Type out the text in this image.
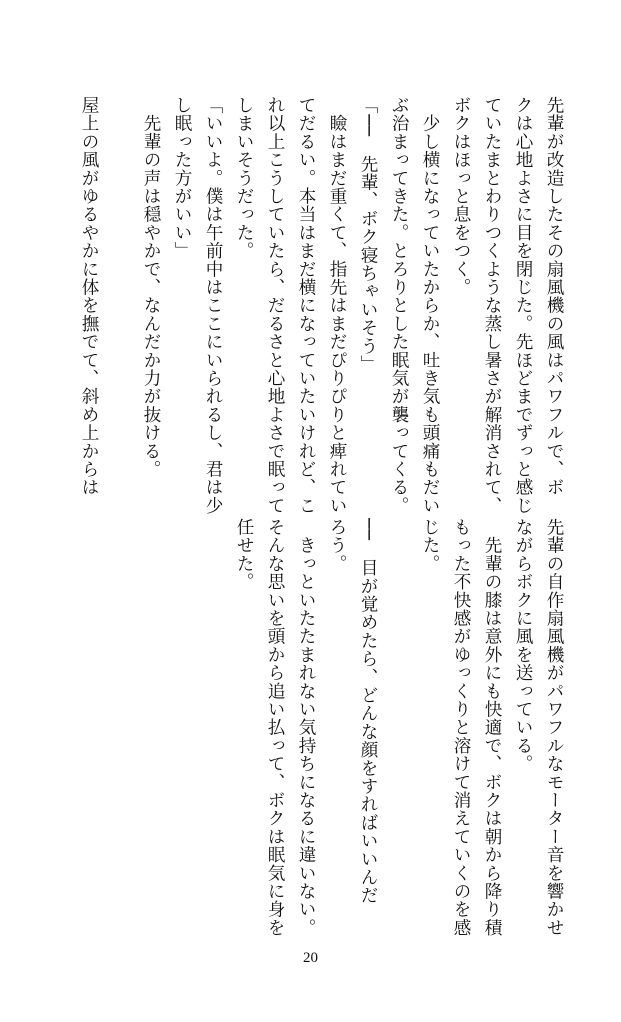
先輩が改造したその扇風機の風はパワフルで、ボ
クは心地よさに目を閉じた。先ほどまでずっと感じ
ていたまとわりつくような蒸し暑さが解消されて、
ボクはほっと息をつく。
　少し横になっていたからか、吐き気も頭痛もだい
ぶ治まってきた。とろりとした眠気が襲ってくる。
「──　先輩、ボク寝ちゃいそう」
　瞼はまだ重くて、指先はまだぴりぴりと痺れてい
てだるい。本当はまだ横になっていたいけれど、こ
れ以上こうしていたら、だるさと心地よさで眠って
しまいそうだった。
「いいよ。僕は午前中はここにいられるし、君は少
し眠った方がいい」
　先輩の声は穏やかで、なんだか力が抜ける。

屋上の風がゆるやかに体を撫でて、斜め上からは
先輩の自作扇風機がパワフルなモーター音を響かせ
ながらボクに風を送っている。
　先輩の膝は意外にも快適で、ボクは朝から降り積
もった不快感がゆっくりと溶けて消えていくのを感
じた。

──　目が覚めたら、どんな顔をすればいいんだ
ろう。
　きっといたたまれない気持ちになるに違いない。
そんな思いを頭から追い払って、ボクは眠気に身を
任せた。
20
